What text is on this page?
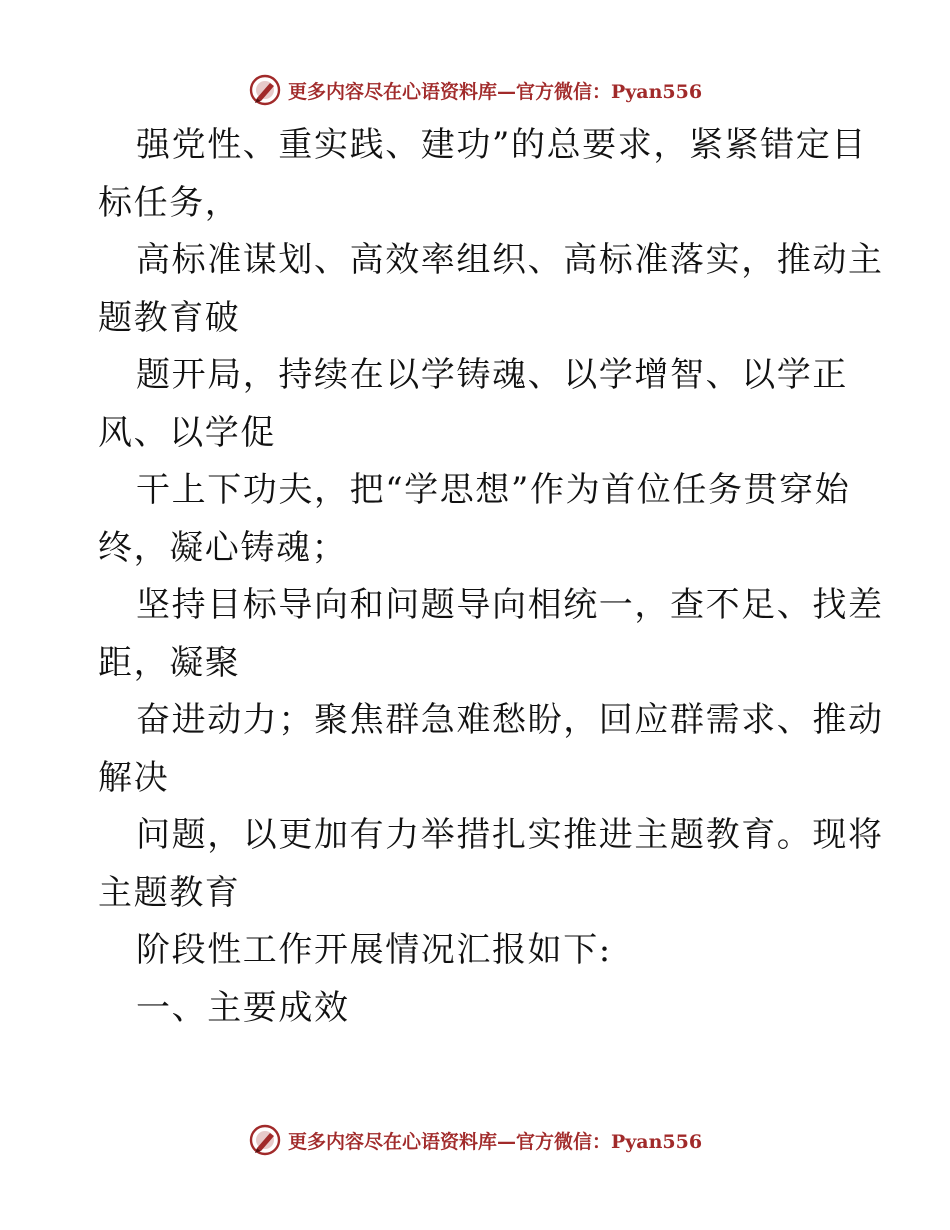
更多内容尽在心语资料库—官方微信：Pyan556
强党性、重实践、建功”的总要求，紧紧错定目
标任务，
高标准谋划、高效率组织、高标准落实，推动主
题教育破
题开局，持续在以学铸魂、以学增智、以学正
风、以学促
干上下功夫，把“学思想”作为首位任务贯穿始
终，凝心铸魂；
坚持目标导向和问题导向相统一，查不足、找差
距，凝聚
奋进动力；聚焦群急难愁盼，回应群需求、推动
解决
问题，以更加有力举措扎实推进主题教育。现将
主题教育
阶段性工作开展情况汇报如下:
一、主要成效
更多内容尽在心语资料库—官方微信：Pyan556
